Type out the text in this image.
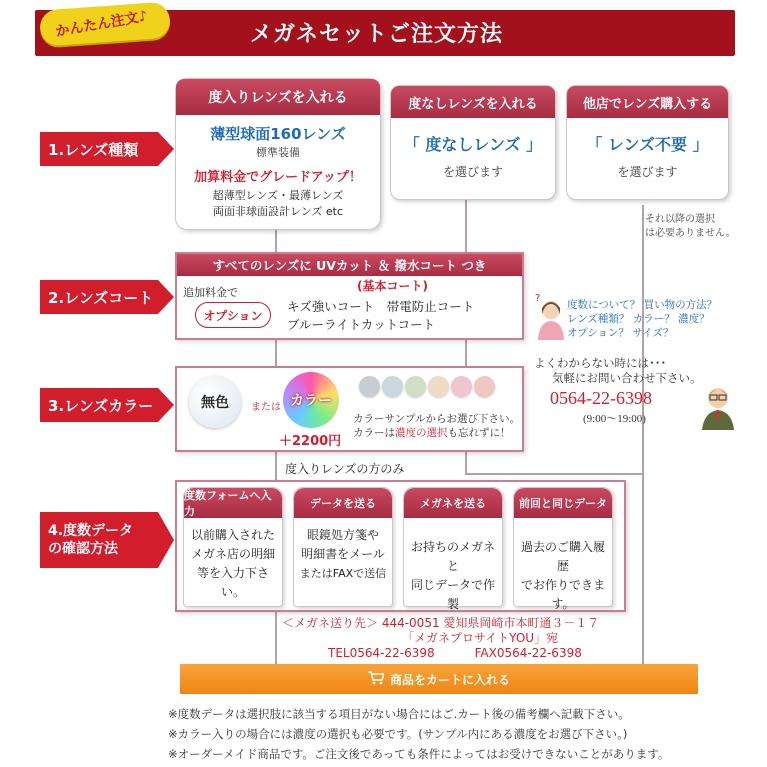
メガネセットご注文方法
かんたん注文♪
1.レンズ種類
2.レンズコート
3.レンズカラー
4.度数データ
の確認方法
度入りレンズを入れる
薄型球面160レンズ
標準装備
加算料金でグレードアップ！
超薄型レンズ・最薄レンズ
両面非球面設計レンズ etc
度なしレンズを入れる
「 度なしレンズ 」
を選びます
他店でレンズ購入する
「 レンズ不要 」
を選びます
それ以降の選択
は必要ありません。
すべてのレンズに UVカット ＆ 撥水コート つき
(基本コート)
追加料金で
オプション
キズ強いコート　帯電防止コート
ブルーライトカットコート
?
度数について？ 買い物の方法？
レンズ種類？ カラー？ 濃度？
オプション？ サイズ？
よくわからない時には･･･
気軽にお問い合わせ下さい。
0564-22-6398
(9:00～19:00)
無色	または カラー
＋2200円
カラーサンプルからお選び下さい。
カラーは濃度の選択も忘れずに！
度入りレンズの方のみ
度数フォームへ入力
以前購入された
メガネ店の明細
等を入力下さい。
データを送る
眼鏡処方箋や
明細書をメール
またはFAXで送信
メガネを送る
お持ちのメガネと
同じデータで作製
前回と同じデータ
過去のご購入履歴
でお作りできます。
＜メガネ送り先＞ 444-0051 愛知県岡崎市本町通３－１７
「メガネプロサイトYOU」宛
TEL0564-22-6398	FAX0564-22-6398
商品をカートに入れる
※度数データは選択肢に該当する項目がない場合にはご.カート後の備考欄へ記載下さい。
※カラー入りの場合には濃度の選択も必要です。(サンプル内にある濃度をお選び下さい。)
※オーダーメイド商品です。ご注文後であっても条件によってはお受けできないことがあります。
